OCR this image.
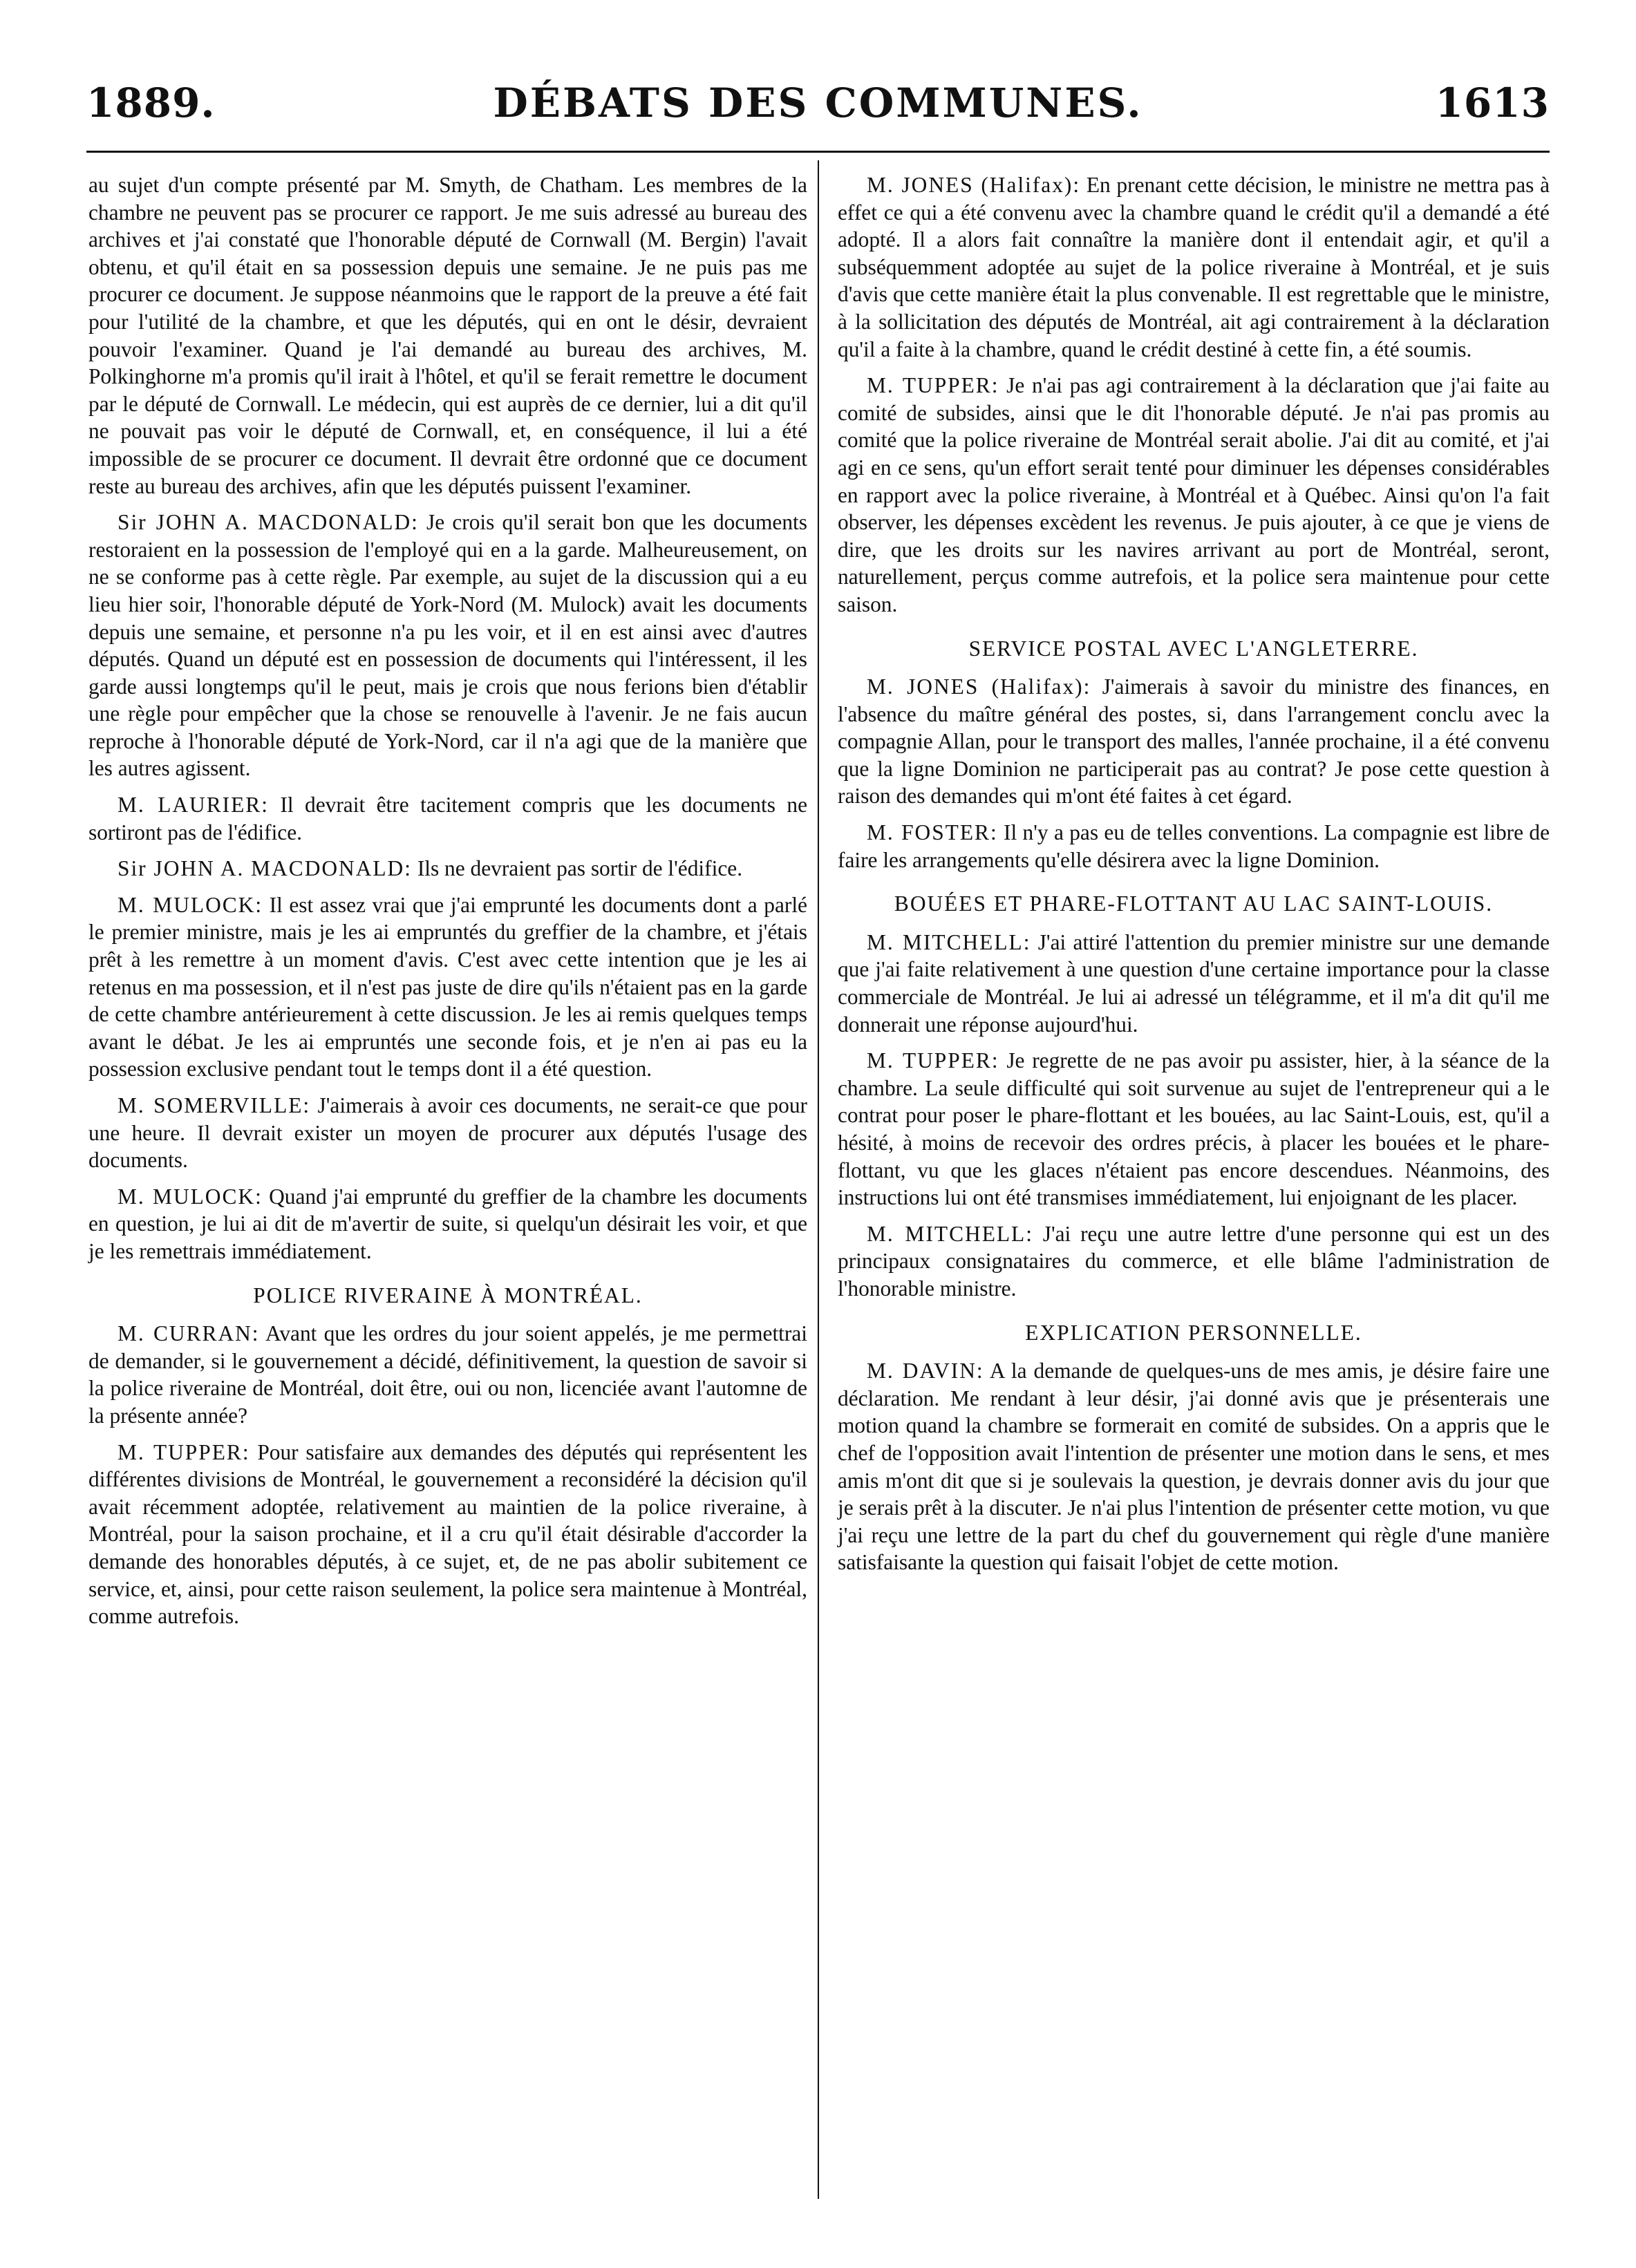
1889.	DÉBATS DES COMMUNES.	1613

au sujet d'un compte présenté par M. Smyth, de Chatham. Les membres de la chambre ne peuvent pas se procurer ce rapport. Je me suis adressé au bureau des archives et j'ai constaté que l'honorable député de Cornwall (M. Bergin) l'avait obtenu, et qu'il était en sa possession depuis une semaine. Je ne puis pas me procurer ce document. Je suppose néanmoins que le rapport de la preuve a été fait pour l'utilité de la chambre, et que les députés, qui en ont le désir, devraient pouvoir l'examiner. Quand je l'ai demandé au bureau des archives, M. Polkinghorne m'a promis qu'il irait à l'hôtel, et qu'il se ferait remettre le document par le député de Cornwall. Le médecin, qui est auprès de ce dernier, lui a dit qu'il ne pouvait pas voir le député de Cornwall, et, en conséquence, il lui a été impossible de se procurer ce document. Il devrait être ordonné que ce document reste au bureau des archives, afin que les députés puissent l'examiner.

Sir JOHN A. MACDONALD: Je crois qu'il serait bon que les documents restoraient en la possession de l'employé qui en a la garde. Malheureusement, on ne se conforme pas à cette règle. Par exemple, au sujet de la discussion qui a eu lieu hier soir, l'honorable député de York-Nord (M. Mulock) avait les documents depuis une semaine, et personne n'a pu les voir, et il en est ainsi avec d'autres députés. Quand un député est en possession de documents qui l'intéressent, il les garde aussi longtemps qu'il le peut, mais je crois que nous ferions bien d'établir une règle pour empêcher que la chose se renouvelle à l'avenir. Je ne fais aucun reproche à l'honorable député de York-Nord, car il n'a agi que de la manière que les autres agissent.

M. LAURIER: Il devrait être tacitement compris que les documents ne sortiront pas de l'édifice.

Sir JOHN A. MACDONALD: Ils ne devraient pas sortir de l'édifice.

M. MULOCK: Il est assez vrai que j'ai emprunté les documents dont a parlé le premier ministre, mais je les ai empruntés du greffier de la chambre, et j'étais prêt à les remettre à un moment d'avis. C'est avec cette intention que je les ai retenus en ma possession, et il n'est pas juste de dire qu'ils n'étaient pas en la garde de cette chambre antérieurement à cette discussion. Je les ai remis quelques temps avant le débat. Je les ai empruntés une seconde fois, et je n'en ai pas eu la possession exclusive pendant tout le temps dont il a été question.

M. SOMERVILLE: J'aimerais à avoir ces documents, ne serait-ce que pour une heure. Il devrait exister un moyen de procurer aux députés l'usage des documents.

M. MULOCK: Quand j'ai emprunté du greffier de la chambre les documents en question, je lui ai dit de m'avertir de suite, si quelqu'un désirait les voir, et que je les remettrais immédiatement.

POLICE RIVERAINE À MONTRÉAL.

M. CURRAN: Avant que les ordres du jour soient appelés, je me permettrai de demander, si le gouvernement a décidé, définitivement, la question de savoir si la police riveraine de Montréal, doit être, oui ou non, licenciée avant l'automne de la présente année?

M. TUPPER: Pour satisfaire aux demandes des députés qui représentent les différentes divisions de Montréal, le gouvernement a reconsidéré la décision qu'il avait récemment adoptée, relativement au maintien de la police riveraine, à Montréal, pour la saison prochaine, et il a cru qu'il était désirable d'accorder la demande des honorables députés, à ce sujet, et, de ne pas abolir subitement ce service, et, ainsi, pour cette raison seulement, la police sera maintenue à Montréal, comme autrefois.

M. JONES (Halifax): En prenant cette décision, le ministre ne mettra pas à effet ce qui a été convenu avec la chambre quand le crédit qu'il a demandé a été adopté. Il a alors fait connaître la manière dont il entendait agir, et qu'il a subséquemment adoptée au sujet de la police riveraine à Montréal, et je suis d'avis que cette manière était la plus convenable. Il est regrettable que le ministre, à la sollicitation des députés de Montréal, ait agi contrairement à la déclaration qu'il a faite à la chambre, quand le crédit destiné à cette fin, a été soumis.

M. TUPPER: Je n'ai pas agi contrairement à la déclaration que j'ai faite au comité de subsides, ainsi que le dit l'honorable député. Je n'ai pas promis au comité que la police riveraine de Montréal serait abolie. J'ai dit au comité, et j'ai agi en ce sens, qu'un effort serait tenté pour diminuer les dépenses considérables en rapport avec la police riveraine, à Montréal et à Québec. Ainsi qu'on l'a fait observer, les dépenses excèdent les revenus. Je puis ajouter, à ce que je viens de dire, que les droits sur les navires arrivant au port de Montréal, seront, naturellement, perçus comme autrefois, et la police sera maintenue pour cette saison.

SERVICE POSTAL AVEC L'ANGLETERRE.

M. JONES (Halifax): J'aimerais à savoir du ministre des finances, en l'absence du maître général des postes, si, dans l'arrangement conclu avec la compagnie Allan, pour le transport des malles, l'année prochaine, il a été convenu que la ligne Dominion ne participerait pas au contrat? Je pose cette question à raison des demandes qui m'ont été faites à cet égard.

M. FOSTER: Il n'y a pas eu de telles conventions. La compagnie est libre de faire les arrangements qu'elle désirera avec la ligne Dominion.

BOUÉES ET PHARE-FLOTTANT AU LAC SAINT-LOUIS.

M. MITCHELL: J'ai attiré l'attention du premier ministre sur une demande que j'ai faite relativement à une question d'une certaine importance pour la classe commerciale de Montréal. Je lui ai adressé un télégramme, et il m'a dit qu'il me donnerait une réponse aujourd'hui.

M. TUPPER: Je regrette de ne pas avoir pu assister, hier, à la séance de la chambre. La seule difficulté qui soit survenue au sujet de l'entrepreneur qui a le contrat pour poser le phare-flottant et les bouées, au lac Saint-Louis, est, qu'il a hésité, à moins de recevoir des ordres précis, à placer les bouées et le phare-flottant, vu que les glaces n'étaient pas encore descendues. Néanmoins, des instructions lui ont été transmises immédiatement, lui enjoignant de les placer.

M. MITCHELL: J'ai reçu une autre lettre d'une personne qui est un des principaux consignataires du commerce, et elle blâme l'administration de l'honorable ministre.

EXPLICATION PERSONNELLE.

M. DAVIN: A la demande de quelques-uns de mes amis, je désire faire une déclaration. Me rendant à leur désir, j'ai donné avis que je présenterais une motion quand la chambre se formerait en comité de subsides. On a appris que le chef de l'opposition avait l'intention de présenter une motion dans le sens, et mes amis m'ont dit que si je soulevais la question, je devrais donner avis du jour que je serais prêt à la discuter. Je n'ai plus l'intention de présenter cette motion, vu que j'ai reçu une lettre de la part du chef du gouvernement qui règle d'une manière satisfaisante la question qui faisait l'objet de cette motion.
